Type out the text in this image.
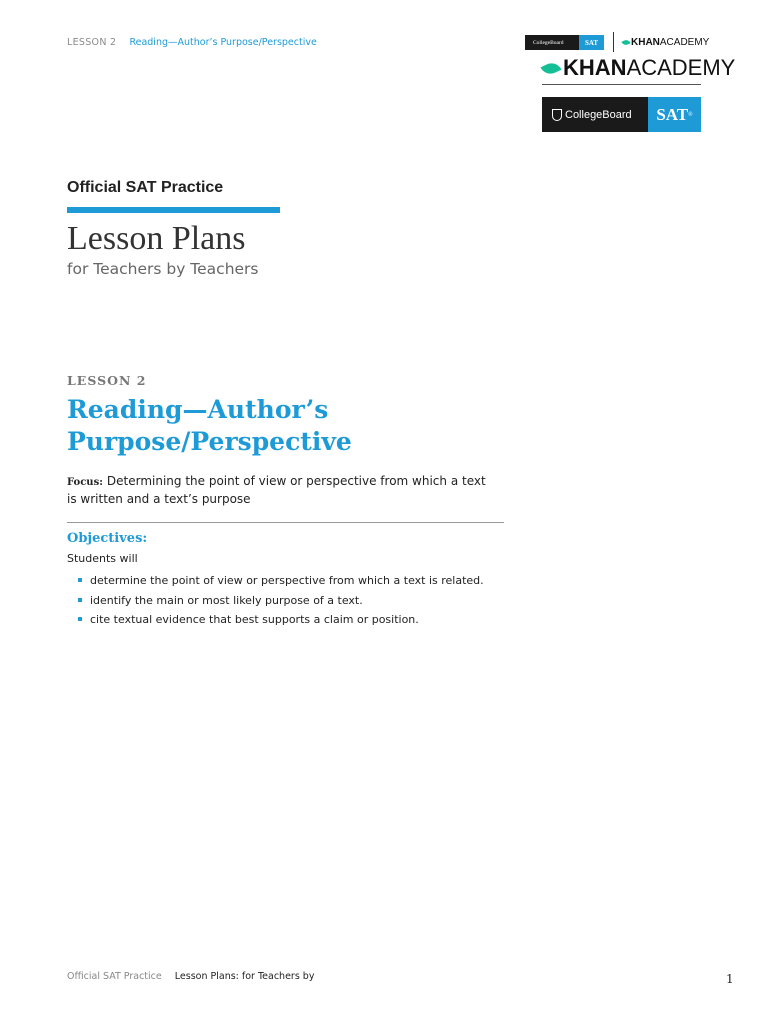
LESSON 2 Reading—Author’s Purpose/Perspective	CollegeBoard	SAT	KHANACADEMY
KHAN ACADEMY
CollegeBoard SAT ®
Official SAT Practice
Lesson Plans
for Teachers by Teachers
LESSON 2
Reading—Author’s Purpose/Perspective
Focus: Determining the point of view or perspective from which a text is written and a text’s purpose
Objectives:
Students will
determine the point of view or perspective from which a text is related.
identify the main or most likely purpose of a text.
cite textual evidence that best supports a claim or position.
Official SAT Practice Lesson Plans: for Teachers by	1
